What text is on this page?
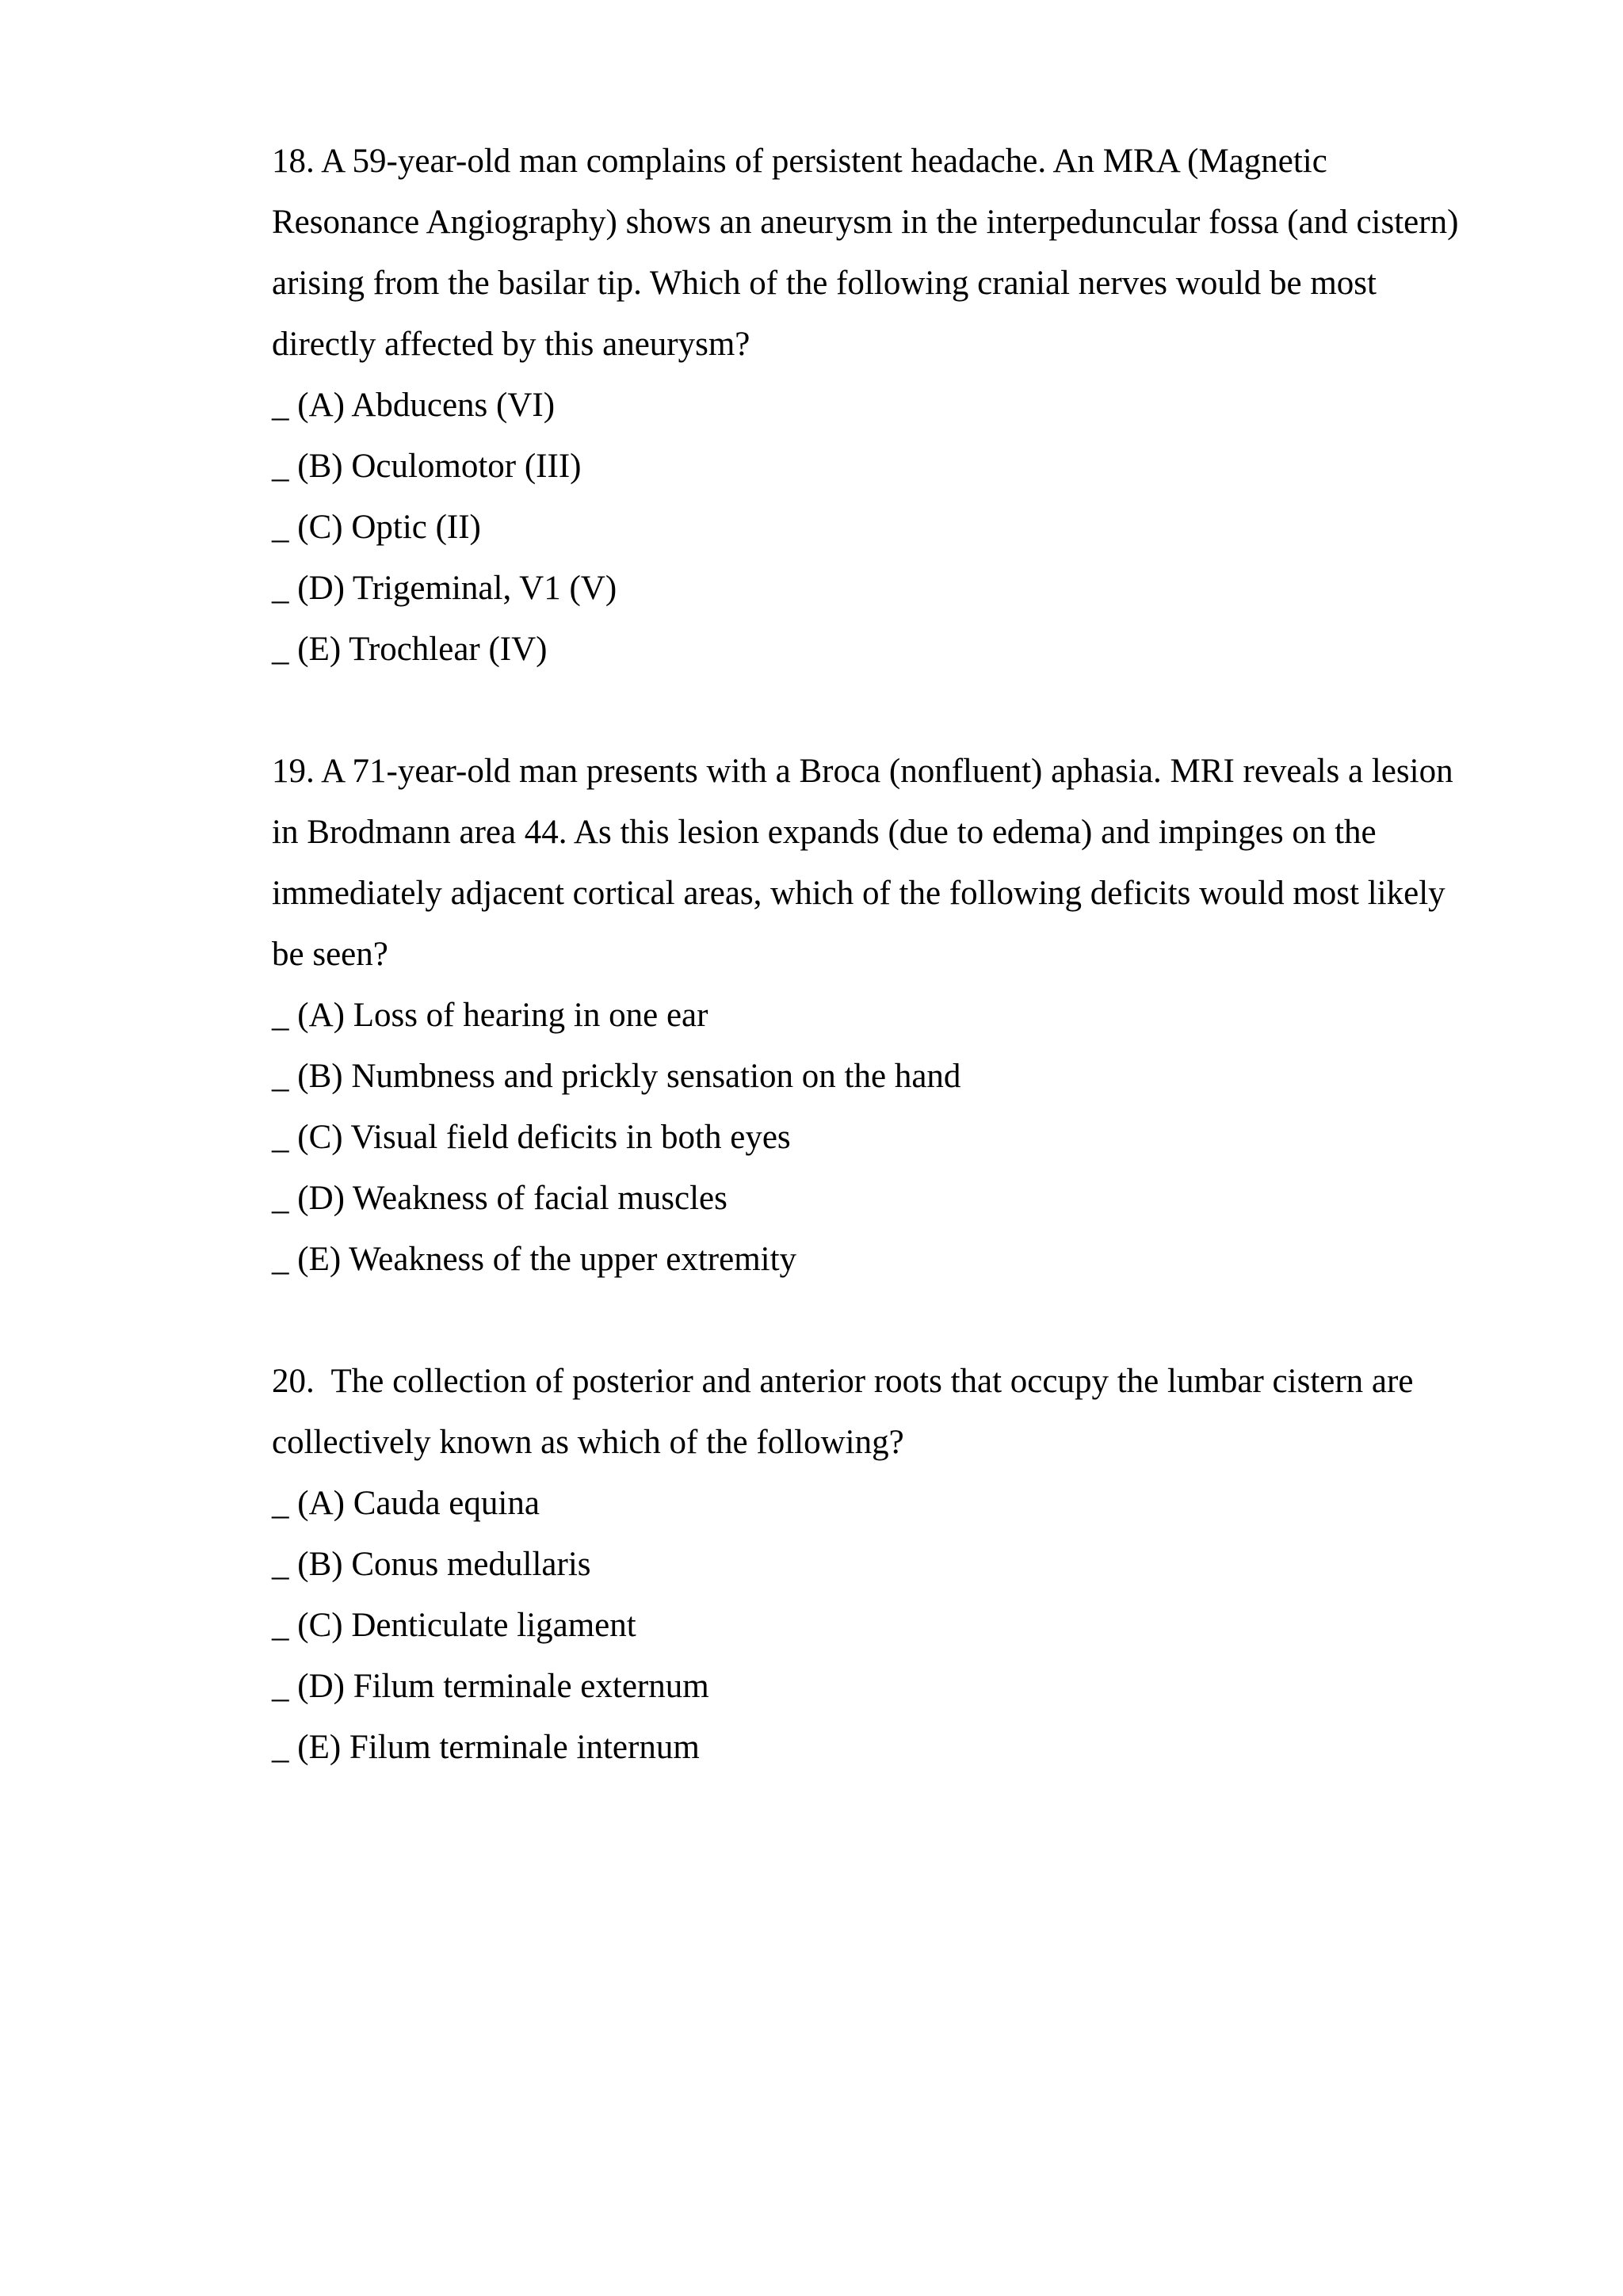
18. A 59-year-old man complains of persistent headache. An MRA (Magnetic Resonance Angiography) shows an aneurysm in the interpeduncular fossa (and cistern) arising from the basilar tip. Which of the following cranial nerves would be most directly affected by this aneurysm?

_ (A) Abducens (VI)
_ (B) Oculomotor (III)
_ (C) Optic (II)
_ (D) Trigeminal, V1 (V)
_ (E) Trochlear (IV)

19. A 71-year-old man presents with a Broca (nonfluent) aphasia. MRI reveals a lesion in Brodmann area 44. As this lesion expands (due to edema) and impinges on the immediately adjacent cortical areas, which of the following deficits would most likely be seen?

_ (A) Loss of hearing in one ear
_ (B) Numbness and prickly sensation on the hand
_ (C) Visual field deficits in both eyes
_ (D) Weakness of facial muscles
_ (E) Weakness of the upper extremity

20.  The collection of posterior and anterior roots that occupy the lumbar cistern are collectively known as which of the following?

_ (A) Cauda equina
_ (B) Conus medullaris
_ (C) Denticulate ligament
_ (D) Filum terminale externum
_ (E) Filum terminale internum
